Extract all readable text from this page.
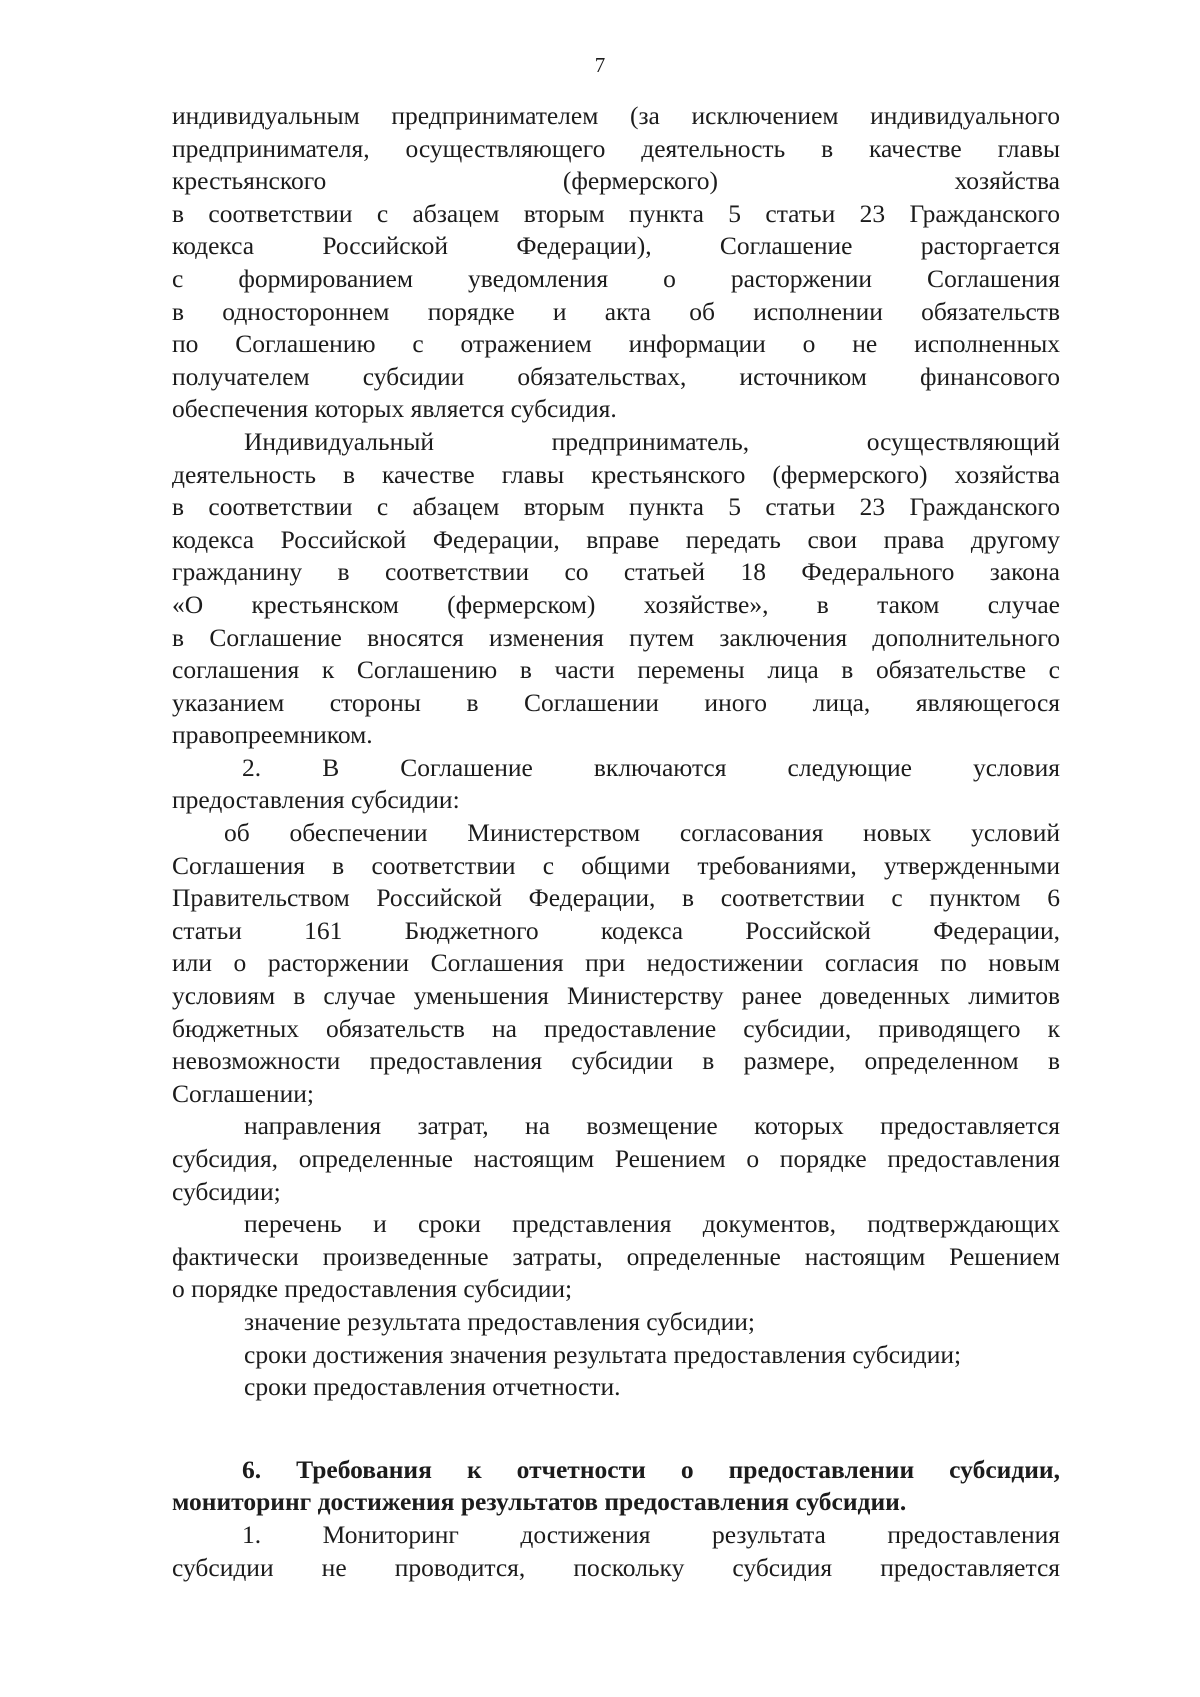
7
индивидуальным предпринимателем (за исключением индивидуального
предпринимателя, осуществляющего деятельность в качестве главы
крестьянского (фермерского) хозяйства
в соответствии с абзацем вторым пункта 5 статьи 23 Гражданского
кодекса Российской Федерации), Соглашение расторгается
с формированием уведомления о расторжении Соглашения
в одностороннем порядке и акта об исполнении обязательств
по Соглашению с отражением информации о не исполненных
получателем субсидии обязательствах, источником финансового
обеспечения которых является субсидия.
Индивидуальный предприниматель, осуществляющий
деятельность в качестве главы крестьянского (фермерского) хозяйства
в соответствии с абзацем вторым пункта 5 статьи 23 Гражданского
кодекса Российской Федерации, вправе передать свои права другому
гражданину в соответствии со статьей 18 Федерального закона
«О крестьянском (фермерском) хозяйстве», в таком случае
в Соглашение вносятся изменения путем заключения дополнительного
соглашения к Соглашению в части перемены лица в обязательстве с
указанием стороны в Соглашении иного лица, являющегося
правопреемником.
2. В Соглашение включаются следующие условия
предоставления субсидии:
об обеспечении Министерством согласования новых условий
Соглашения в соответствии с общими требованиями, утвержденными
Правительством Российской Федерации, в соответствии с пунктом 6
статьи 161 Бюджетного кодекса Российской Федерации,
или о расторжении Соглашения при недостижении согласия по новым
условиям в случае уменьшения Министерству ранее доведенных лимитов
бюджетных обязательств на предоставление субсидии, приводящего к
невозможности предоставления субсидии в размере, определенном в
Соглашении;
направления затрат, на возмещение которых предоставляется
субсидия, определенные настоящим Решением о порядке предоставления
субсидии;
перечень и сроки представления документов, подтверждающих
фактически произведенные затраты, определенные настоящим Решением
о порядке предоставления субсидии;
значение результата предоставления субсидии;
сроки достижения значения результата предоставления субсидии;
сроки предоставления отчетности.
6. Требования к отчетности о предоставлении субсидии,
мониторинг достижения результатов предоставления субсидии.
1. Мониторинг достижения результата предоставления
субсидии не проводится, поскольку субсидия предоставляется
